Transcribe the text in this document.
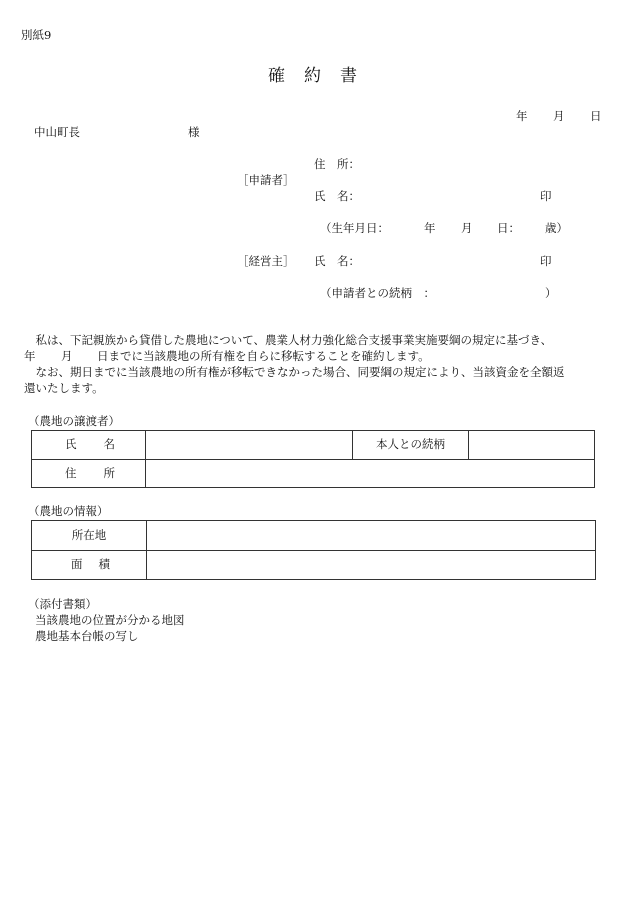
別紙9
確 約 書
年 月 日
中山町長	様
住　所：
［申請者］
氏　名：	印
（生年月日：	年 月 日： 歳）
［経営主］ 氏　名：	印
（申請者との続柄　：	）
　私は、下記親族から貸借した農地について、農業人材力強化総合支援事業実施要綱の規定に基づき、
年 月 日までに当該農地の所有権を自らに移転することを確約します。
　なお、期日までに当該農地の所有権が移転できなかった場合、同要綱の規定により、当該資金を全額返
還いたします。
（農地の譲渡者）
氏 名		本人との続柄	
住 所			
（農地の情報）
所在地	
面 積	
（添付書類）
当該農地の位置が分かる地図
農地基本台帳の写し
